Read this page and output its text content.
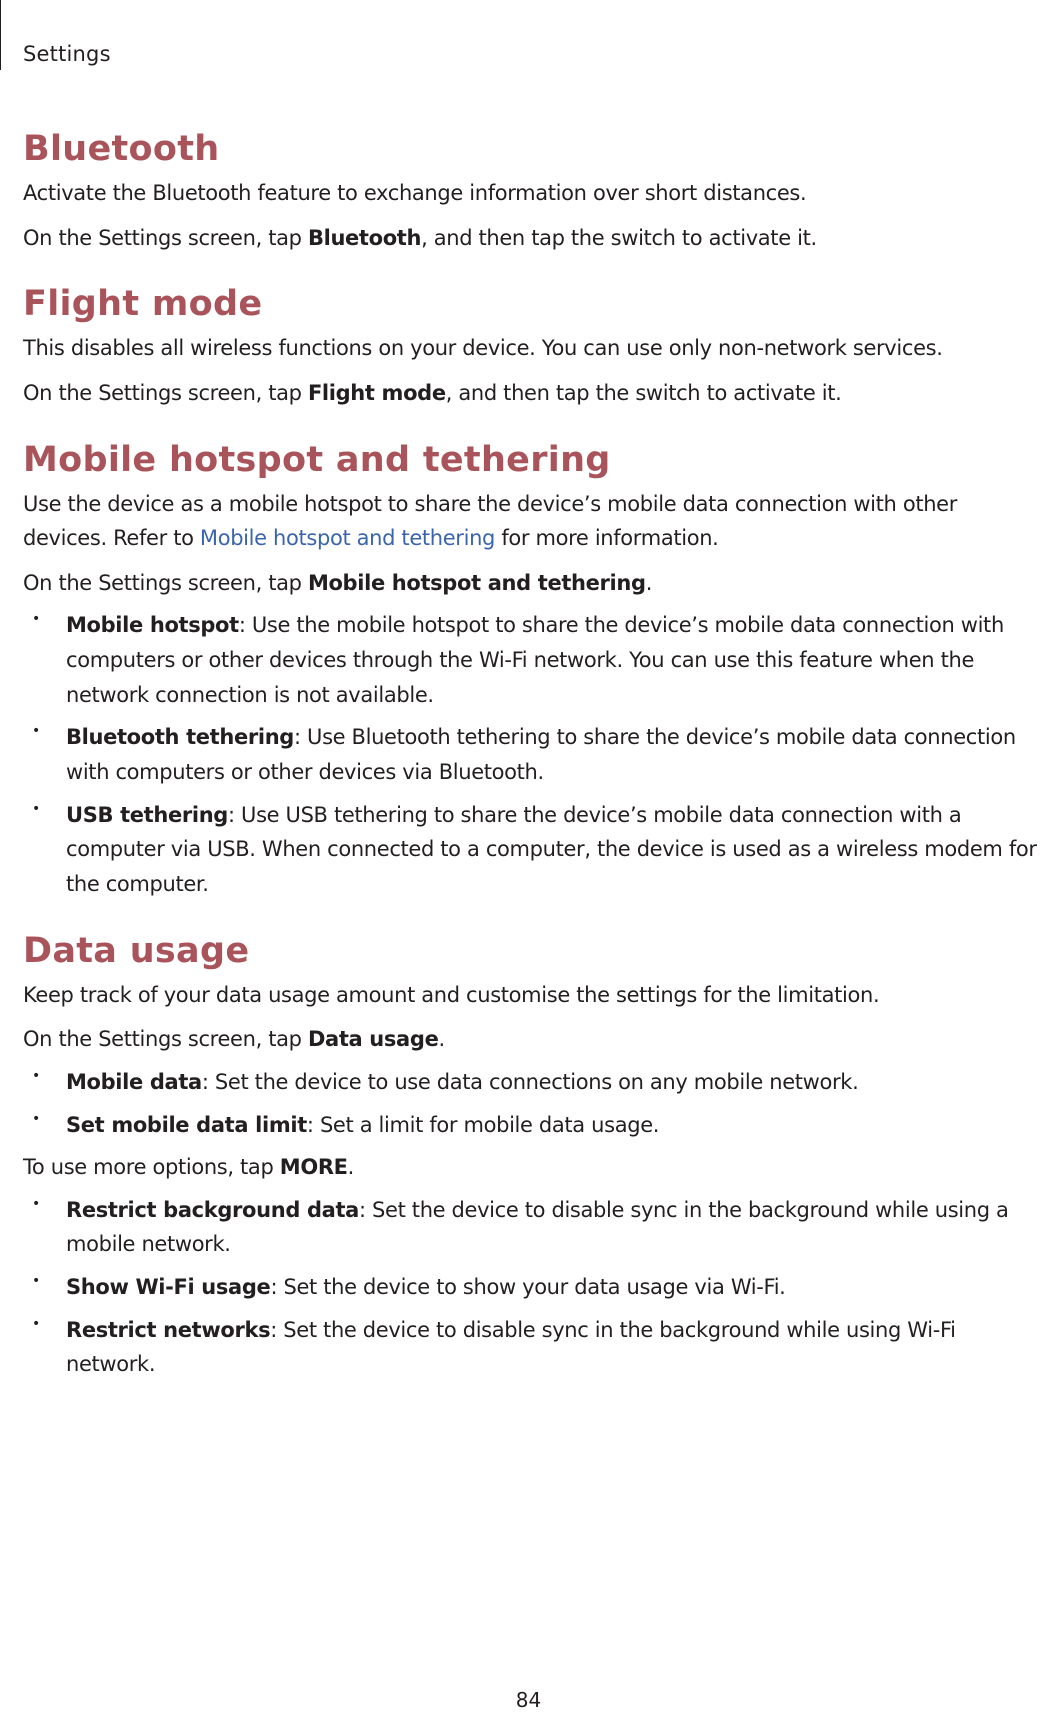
Settings
Bluetooth

Activate the Bluetooth feature to exchange information over short distances.

On the Settings screen, tap Bluetooth, and then tap the switch to activate it.

Flight mode

This disables all wireless functions on your device. You can use only non-network services.

On the Settings screen, tap Flight mode, and then tap the switch to activate it.

Mobile hotspot and tethering

Use the device as a mobile hotspot to share the device’s mobile data connection with other devices. Refer to Mobile hotspot and tethering for more information.

On the Settings screen, tap Mobile hotspot and tethering.

• Mobile hotspot: Use the mobile hotspot to share the device’s mobile data connection with computers or other devices through the Wi-Fi network. You can use this feature when the network connection is not available.
• Bluetooth tethering: Use Bluetooth tethering to share the device’s mobile data connection with computers or other devices via Bluetooth.
• USB tethering: Use USB tethering to share the device’s mobile data connection with a computer via USB. When connected to a computer, the device is used as a wireless modem for the computer.
Data usage

Keep track of your data usage amount and customise the settings for the limitation.

On the Settings screen, tap Data usage.

• Mobile data: Set the device to use data connections on any mobile network.
• Set mobile data limit: Set a limit for mobile data usage.

To use more options, tap MORE.

• Restrict background data: Set the device to disable sync in the background while using a mobile network.
• Show Wi-Fi usage: Set the device to show your data usage via Wi-Fi.
• Restrict networks: Set the device to disable sync in the background while using Wi-Fi network.
84
